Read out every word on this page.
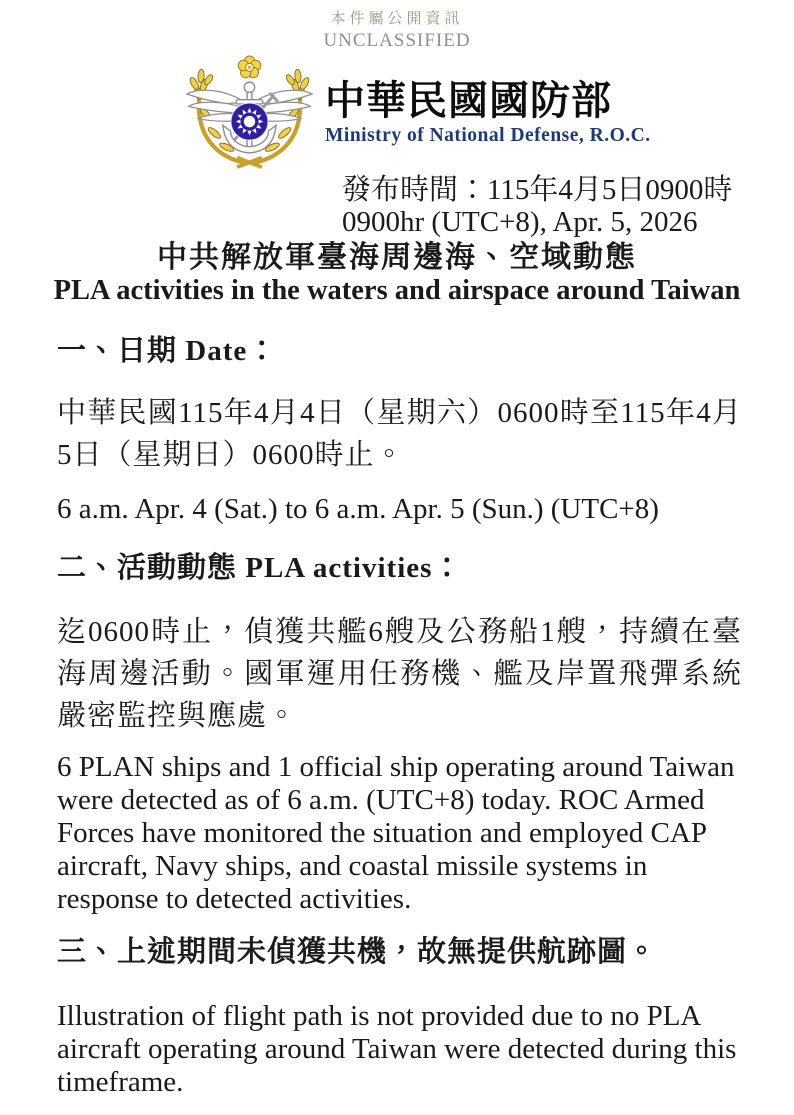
本件屬公開資訊
UNCLASSIFIED
中華民國國防部
Ministry of National Defense, R.O.C.
發布時間：115年4月5日0900時
0900hr (UTC+8), Apr. 5, 2026
中共解放軍臺海周邊海、空域動態
PLA activities in the waters and airspace around Taiwan
一、日期 Date：

中華民國115年4月4日（星期六）0600時至115年4月5日（星期日）0600時止。

6 a.m. Apr. 4 (Sat.) to 6 a.m. Apr. 5 (Sun.) (UTC+8)

二、活動動態 PLA activities：

迄0600時止，偵獲共艦6艘及公務船1艘，持續在臺海周邊活動。國軍運用任務機、艦及岸置飛彈系統嚴密監控與應處。

6 PLAN ships and 1 official ship operating around Taiwan were detected as of 6 a.m. (UTC+8) today. ROC Armed Forces have monitored the situation and employed CAP aircraft, Navy ships, and coastal missile systems in response to detected activities.

三、上述期間未偵獲共機，故無提供航跡圖。

Illustration of flight path is not provided due to no PLA aircraft operating around Taiwan were detected during this timeframe.
